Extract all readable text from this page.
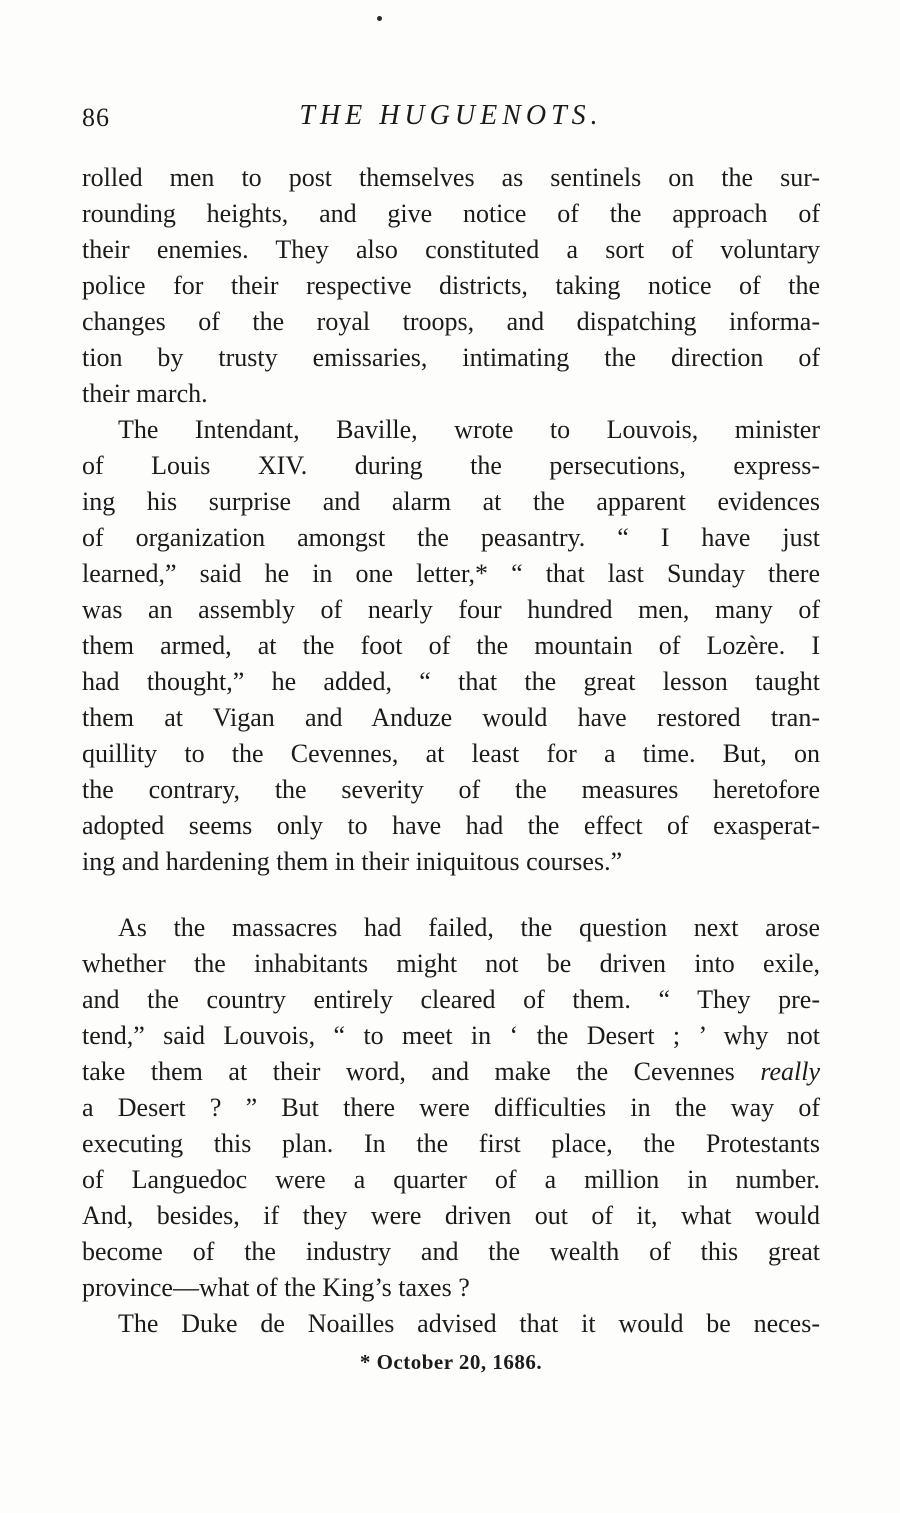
86	THE HUGUENOTS.
rolled men to post themselves as sentinels on the sur-
rounding heights, and give notice of the approach of
their enemies. They also constituted a sort of voluntary
police for their respective districts, taking notice of the
changes of the royal troops, and dispatching informa-
tion by trusty emissaries, intimating the direction of
their march.
The Intendant, Baville, wrote to Louvois, minister
of Louis XIV. during the persecutions, express-
ing his surprise and alarm at the apparent evidences
of organization amongst the peasantry. “ I have just
learned,” said he in one letter,* “ that last Sunday there
was an assembly of nearly four hundred men, many of
them armed, at the foot of the mountain of Lozère. I
had thought,” he added, “ that the great lesson taught
them at Vigan and Anduze would have restored tran-
quillity to the Cevennes, at least for a time. But, on
the contrary, the severity of the measures heretofore
adopted seems only to have had the effect of exasperat-
ing and hardening them in their iniquitous courses.”
As the massacres had failed, the question next arose
whether the inhabitants might not be driven into exile,
and the country entirely cleared of them. “ They pre-
tend,” said Louvois, “ to meet in ‘ the Desert ; ’ why not
take them at their word, and make the Cevennes really
a Desert ? ” But there were difficulties in the way of
executing this plan. In the first place, the Protestants
of Languedoc were a quarter of a million in number.
And, besides, if they were driven out of it, what would
become of the industry and the wealth of this great
province—what of the King’s taxes ?
The Duke de Noailles advised that it would be neces-
* October 20, 1686.
